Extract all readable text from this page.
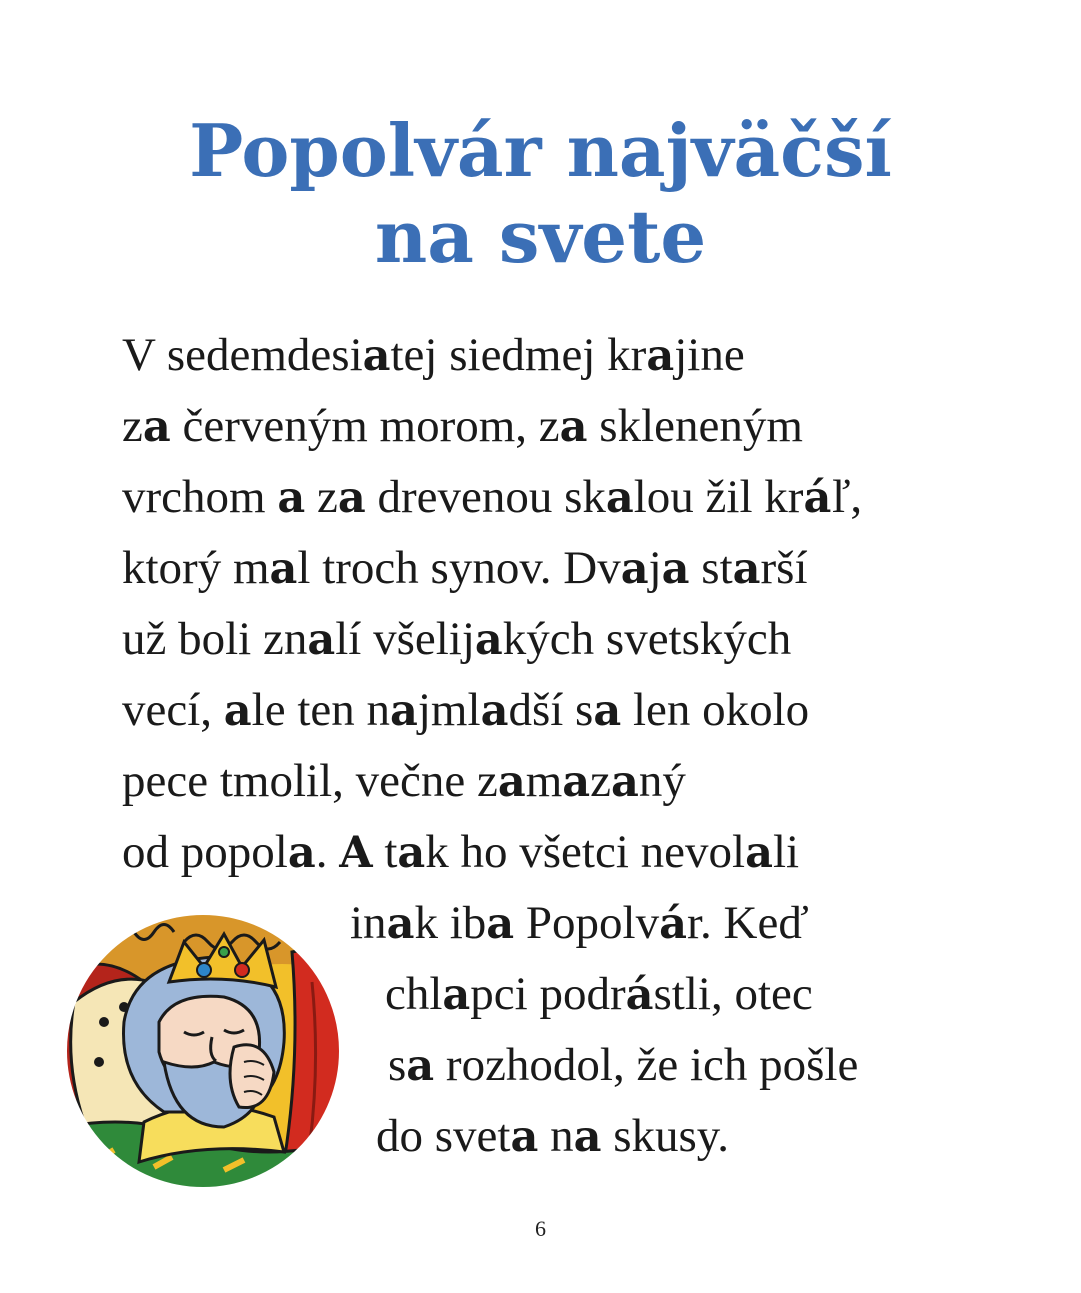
Popolvár najväčší
na svete
V sedemdesiatej siedmej krajine
za červeným morom, za skleneným
vrchom a za drevenou skalou žil kráľ,
ktorý mal troch synov. Dvaja starší
už boli znalí všelijakých svetských
vecí, ale ten najmladší sa len okolo
pece tmolil, večne zamazaný
od popola. A tak ho všetci nevolali
inak iba Popolvár. Keď
chlapci podrástli, otec
sa rozhodol, že ich pošle
do sveta na skusy.
6
